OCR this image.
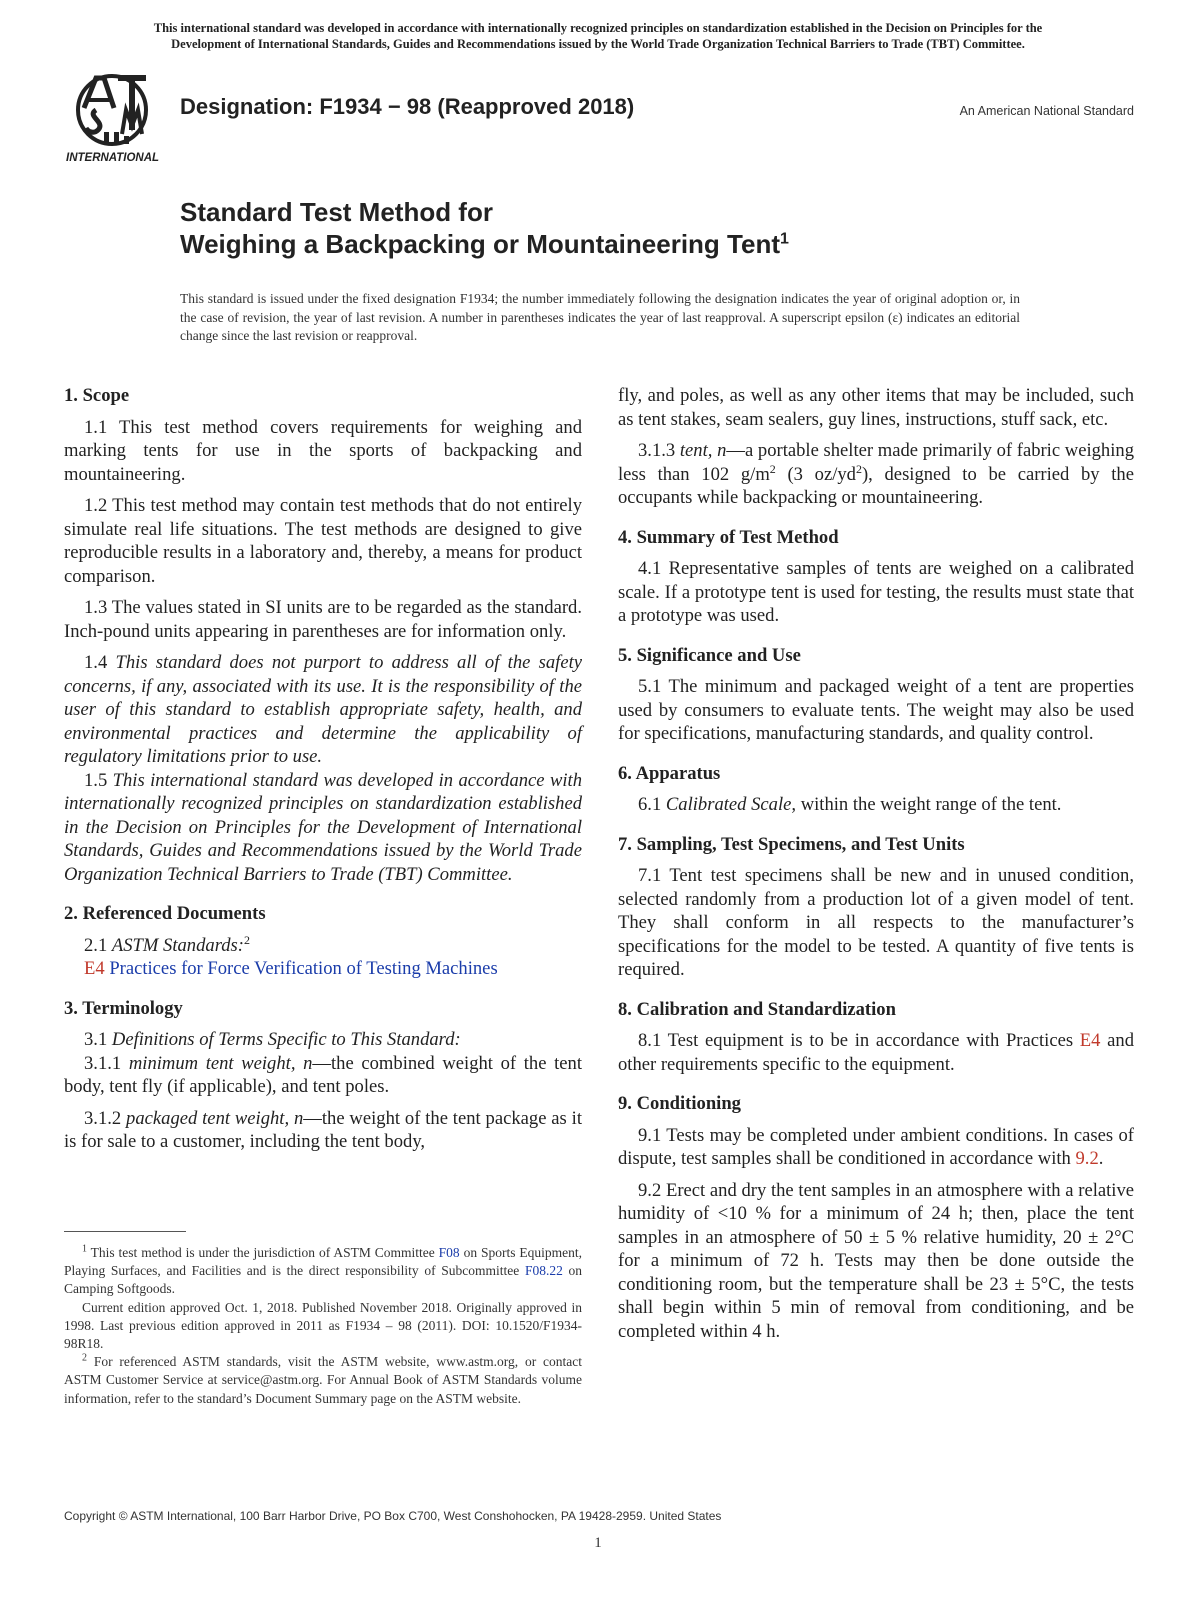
This international standard was developed in accordance with internationally recognized principles on standardization established in the Decision on Principles for the
Development of International Standards, Guides and Recommendations issued by the World Trade Organization Technical Barriers to Trade (TBT) Committee.
INTERNATIONAL
Designation: F1934 − 98 (Reapproved 2018)	An American National Standard
Standard Test Method for
Weighing a Backpacking or Mountaineering Tent$^1$
This standard is issued under the fixed designation F1934; the number immediately following the designation indicates the year of original adoption or, in the case of revision, the year of last revision. A number in parentheses indicates the year of last reapproval. A superscript epsilon (ε) indicates an editorial change since the last revision or reapproval.
1. Scope

1.1 This test method covers requirements for weighing and marking tents for use in the sports of backpacking and mountaineering.

1.2 This test method may contain test methods that do not entirely simulate real life situations. The test methods are designed to give reproducible results in a laboratory and, thereby, a means for product comparison.

1.3 The values stated in SI units are to be regarded as the standard. Inch-pound units appearing in parentheses are for information only.

1.4 This standard does not purport to address all of the safety concerns, if any, associated with its use. It is the responsibility of the user of this standard to establish appropriate safety, health, and environmental practices and determine the applicability of regulatory limitations prior to use.

1.5 This international standard was developed in accordance with internationally recognized principles on standardization established in the Decision on Principles for the Development of International Standards, Guides and Recommendations issued by the World Trade Organization Technical Barriers to Trade (TBT) Committee.

2. Referenced Documents

2.1 ASTM Standards:$^2$

E4 Practices for Force Verification of Testing Machines

3. Terminology

3.1 Definitions of Terms Specific to This Standard:

3.1.1 minimum tent weight, n—the combined weight of the tent body, tent fly (if applicable), and tent poles.

3.1.2 packaged tent weight, n—the weight of the tent package as it is for sale to a customer, including the tent body,

$^1$ This test method is under the jurisdiction of ASTM Committee F08 on Sports Equipment, Playing Surfaces, and Facilities and is the direct responsibility of Subcommittee F08.22 on Camping Softgoods.

Current edition approved Oct. 1, 2018. Published November 2018. Originally approved in 1998. Last previous edition approved in 2011 as F1934 – 98 (2011). DOI: 10.1520/F1934-98R18.

$^2$ For referenced ASTM standards, visit the ASTM website, www.astm.org, or contact ASTM Customer Service at service@astm.org. For Annual Book of ASTM Standards volume information, refer to the standard’s Document Summary page on the ASTM website.

fly, and poles, as well as any other items that may be included, such as tent stakes, seam sealers, guy lines, instructions, stuff sack, etc.

3.1.3 tent, n—a portable shelter made primarily of fabric weighing less than 102 $g/m^2$ (3 $oz/yd^2$), designed to be carried by the occupants while backpacking or mountaineering.

4. Summary of Test Method

4.1 Representative samples of tents are weighed on a calibrated scale. If a prototype tent is used for testing, the results must state that a prototype was used.

5. Significance and Use

5.1 The minimum and packaged weight of a tent are properties used by consumers to evaluate tents. The weight may also be used for specifications, manufacturing standards, and quality control.

6. Apparatus

6.1 Calibrated Scale, within the weight range of the tent.

7. Sampling, Test Specimens, and Test Units

7.1 Tent test specimens shall be new and in unused condition, selected randomly from a production lot of a given model of tent. They shall conform in all respects to the manufacturer’s specifications for the model to be tested. A quantity of five tents is required.

8. Calibration and Standardization

8.1 Test equipment is to be in accordance with Practices E4 and other requirements specific to the equipment.

9. Conditioning

9.1 Tests may be completed under ambient conditions. In cases of dispute, test samples shall be conditioned in accordance with 9.2.

9.2 Erect and dry the tent samples in an atmosphere with a relative humidity of <10 % for a minimum of 24 h; then, place the tent samples in an atmosphere of 50 ± 5 % relative humidity, 20 ± 2°C for a minimum of 72 h. Tests may then be done outside the conditioning room, but the temperature shall be 23 ± 5°C, the tests shall begin within 5 min of removal from conditioning, and be completed within 4 h.

Copyright © ASTM International, 100 Barr Harbor Drive, PO Box C700, West Conshohocken, PA 19428-2959. United States
1
